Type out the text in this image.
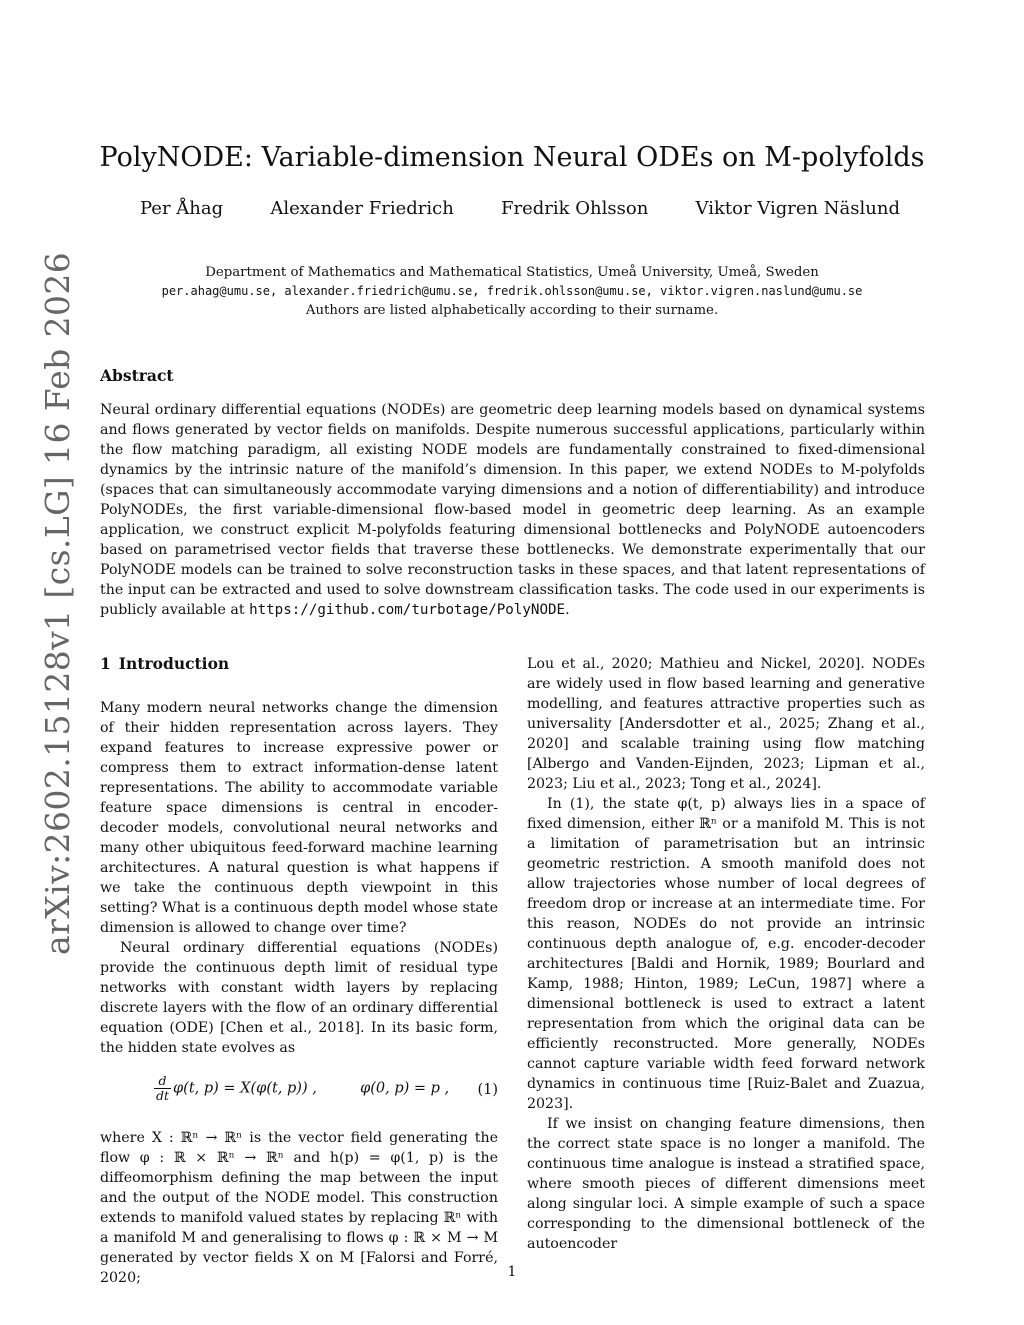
arXiv:2602.15128v1 [cs.LG] 16 Feb 2026
PolyNODE: Variable-dimension Neural ODEs on M-polyfolds
Per Åhag	Alexander Friedrich	Fredrik Ohlsson	Viktor Vigren Näslund
Department of Mathematics and Mathematical Statistics, Umeå University, Umeå, Sweden
per.ahag@umu.se, alexander.friedrich@umu.se, fredrik.ohlsson@umu.se, viktor.vigren.naslund@umu.se
Authors are listed alphabetically according to their surname.
Abstract

Neural ordinary differential equations (NODEs) are geometric deep learning models based on dynamical systems and flows generated by vector fields on manifolds. Despite numerous successful applications, particularly within the flow matching paradigm, all existing NODE models are fundamentally constrained to fixed-dimensional dynamics by the intrinsic nature of the manifold’s dimension. In this paper, we extend NODEs to M-polyfolds (spaces that can simultaneously accommodate varying dimensions and a notion of differentiability) and introduce PolyNODEs, the first variable-dimensional flow-based model in geometric deep learning. As an example application, we construct explicit M-polyfolds featuring dimensional bottlenecks and PolyNODE autoencoders based on parametrised vector fields that traverse these bottlenecks. We demonstrate experimentally that our PolyNODE models can be trained to solve reconstruction tasks in these spaces, and that latent representations of the input can be extracted and used to solve downstream classification tasks. The code used in our experiments is publicly available at https://github.com/turbotage/PolyNODE.

1 Introduction

Many modern neural networks change the dimension of their hidden representation across layers. They expand features to increase expressive power or compress them to extract information-dense latent representations. The ability to accommodate variable feature space dimensions is central in encoder-decoder models, convolutional neural networks and many other ubiquitous feed-forward machine learning architectures. A natural question is what happens if we take the continuous depth viewpoint in this setting? What is a continuous depth model whose state dimension is allowed to change over time?

Neural ordinary differential equations (NODEs) provide the continuous depth limit of residual type networks with constant width layers by replacing discrete layers with the flow of an ordinary differential equation (ODE) [Chen et al., 2018]. In its basic form, the hidden state evolves as

$\frac{d}{dt} \varphi(t$, p) = X(φ(t, p)) ,	φ(0, p) = p , (1)

where X : ℝⁿ → ℝⁿ is the vector field generating the flow φ : ℝ × ℝⁿ → ℝⁿ and h(p) = φ(1, p) is the diffeomorphism defining the map between the input and the output of the NODE model. This construction extends to manifold valued states by replacing ℝⁿ with a manifold M and generalising to flows φ : ℝ × M → M generated by vector fields X on M [Falorsi and Forré, 2020;

Lou et al., 2020; Mathieu and Nickel, 2020]. NODEs are widely used in flow based learning and generative modelling, and features attractive properties such as universality [Andersdotter et al., 2025; Zhang et al., 2020] and scalable training using flow matching [Albergo and Vanden-Eijnden, 2023; Lipman et al., 2023; Liu et al., 2023; Tong et al., 2024].

In (1), the state φ(t, p) always lies in a space of fixed dimension, either ℝⁿ or a manifold M. This is not a limitation of parametrisation but an intrinsic geometric restriction. A smooth manifold does not allow trajectories whose number of local degrees of freedom drop or increase at an intermediate time. For this reason, NODEs do not provide an intrinsic continuous depth analogue of, e.g. encoder-decoder architectures [Baldi and Hornik, 1989; Bourlard and Kamp, 1988; Hinton, 1989; LeCun, 1987] where a dimensional bottleneck is used to extract a latent representation from which the original data can be efficiently reconstructed. More generally, NODEs cannot capture variable width feed forward network dynamics in continuous time [Ruiz-Balet and Zuazua, 2023].

If we insist on changing feature dimensions, then the correct state space is no longer a manifold. The continuous time analogue is instead a stratified space, where smooth pieces of different dimensions meet along singular loci. A simple example of such a space corresponding to the dimensional bottleneck of the autoencoder

1
